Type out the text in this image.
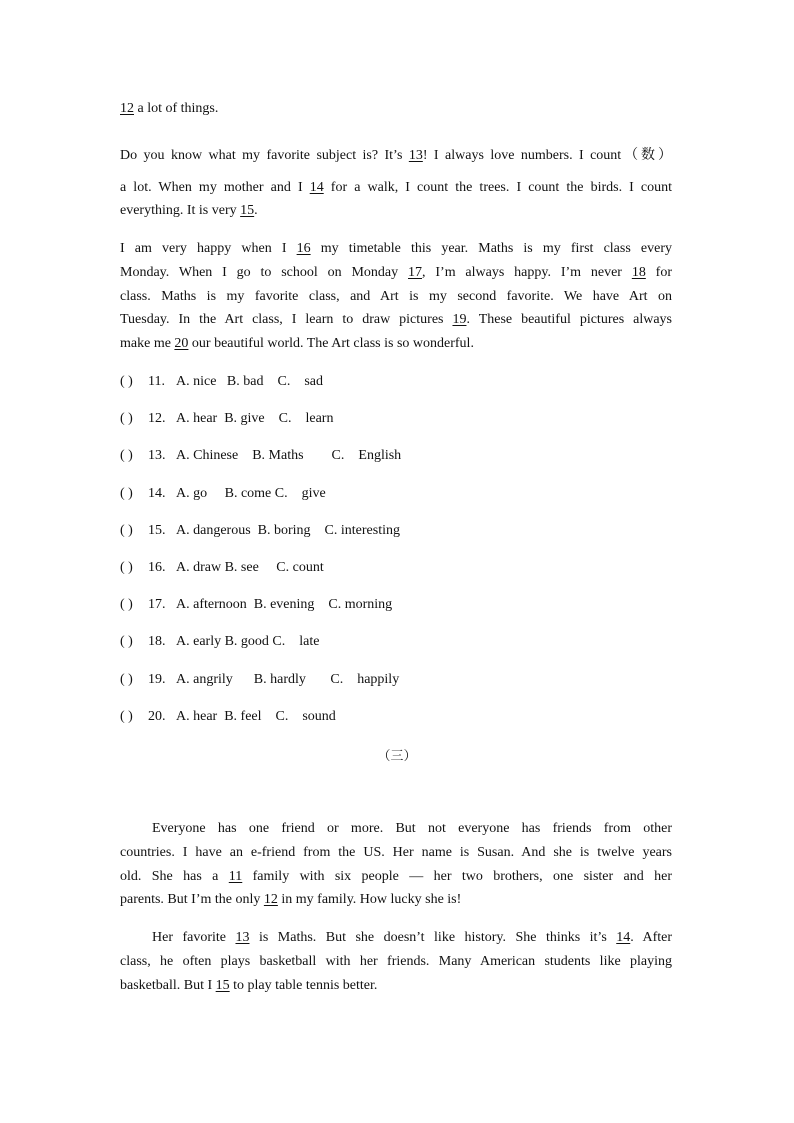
12 a lot of things.
Do you know what my favorite subject is? It’s 13! I always love numbers. I count（数）
a lot. When my mother and I 14 for a walk, I count the trees. I count the birds. I count
everything. It is very 15.
I am very happy when I 16 my timetable this year. Maths is my first class every
Monday. When I go to school on Monday 17, I’m always happy. I’m never 18 for
class. Maths is my favorite class, and Art is my second favorite. We have Art on
Tuesday. In the Art class, I learn to draw pictures 19. These beautiful pictures always
make me 20 our beautiful world. The Art class is so wonderful.
( ) 11. A. nice   B. bad    C.    sad
( ) 12. A. hear  B. give    C.    learn
( ) 13. A. Chinese    B. Maths        C.    English
( ) 14. A. go     B. come C.    give
( ) 15. A. dangerous  B. boring    C. interesting
( ) 16. A. draw B. see     C. count
( ) 17. A. afternoon  B. evening    C. morning
( ) 18. A. early B. good C.    late
( ) 19. A. angrily      B. hardly       C.    happily
( ) 20. A. hear  B. feel    C.    sound
（三）
Everyone has one friend or more. But not everyone has friends from other
countries. I have an e-friend from the US. Her name is Susan. And she is twelve years
old. She has a 11 family with six people — her two brothers, one sister and her
parents. But I’m the only 12 in my family. How lucky she is!
Her favorite 13 is Maths. But she doesn’t like history. She thinks it’s 14. After
class, he often plays basketball with her friends. Many American students like playing
basketball. But I 15 to play table tennis better.
